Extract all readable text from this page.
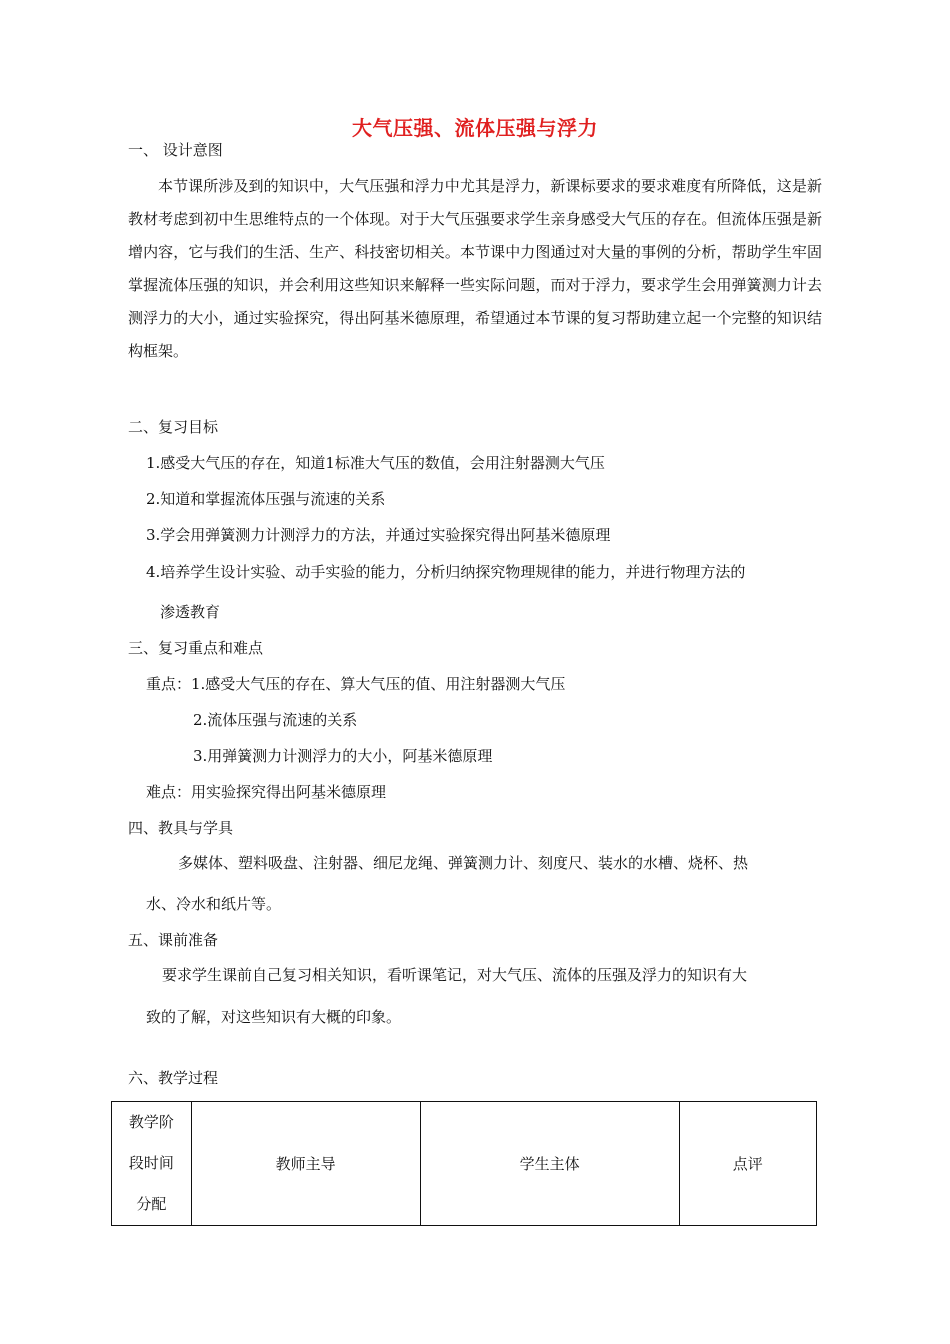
大气压强、流体压强与浮力
一、 设计意图
本节课所涉及到的知识中，大气压强和浮力中尤其是浮力，新课标要求的要求难度有所降低，这是新教材考虑到初中生思维特点的一个体现。对于大气压强要求学生亲身感受大气压的存在。但流体压强是新增内容，它与我们的生活、生产、科技密切相关。本节课中力图通过对大量的事例的分析，帮助学生牢固掌握流体压强的知识，并会利用这些知识来解释一些实际问题，而对于浮力，要求学生会用弹簧测力计去测浮力的大小，通过实验探究，得出阿基米德原理，希望通过本节课的复习帮助建立起一个完整的知识结构框架。
二、复习目标
1.感受大气压的存在，知道1标准大气压的数值，会用注射器测大气压
2.知道和掌握流体压强与流速的关系
3.学会用弹簧测力计测浮力的方法，并通过实验探究得出阿基米德原理
4.培养学生设计实验、动手实验的能力，分析归纳探究物理规律的能力，并进行物理方法的
渗透教育
三、复习重点和难点
重点：1.感受大气压的存在、算大气压的值、用注射器测大气压
2.流体压强与流速的关系
3.用弹簧测力计测浮力的大小，阿基米德原理
难点：用实验探究得出阿基米德原理
四、教具与学具
多媒体、塑料吸盘、注射器、细尼龙绳、弹簧测力计、刻度尺、装水的水槽、烧杯、热
水、冷水和纸片等。
五、课前准备
要求学生课前自己复习相关知识，看听课笔记，对大气压、流体的压强及浮力的知识有大
致的了解，对这些知识有大概的印象。
六、教学过程
教学阶
段时间
分配
	教师主导	学生主体	点评
